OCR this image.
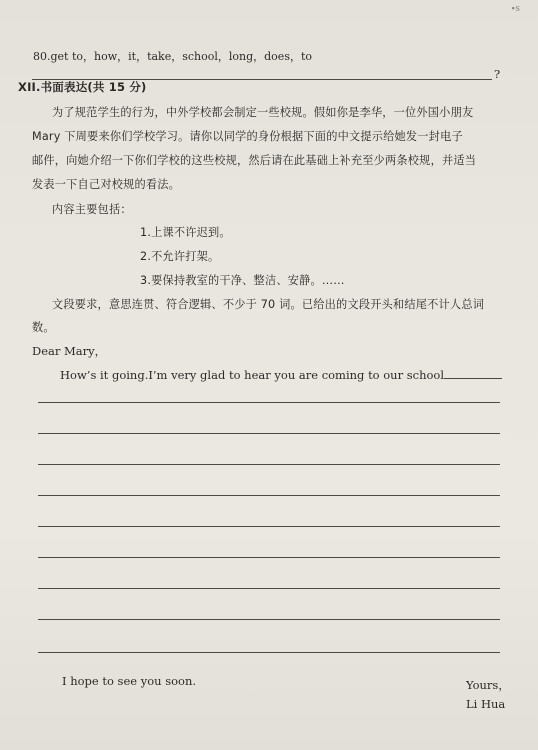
∙s
80.get to，how，it，take，school，long，does，to
?
XII.书面表达(共 15 分)
为了规范学生的行为，中外学校都会制定一些校规。假如你是李华，一位外国小朋友
Mary 下周要来你们学校学习。请你以同学的身份根据下面的中文提示给她发一封电子
邮件，向她介绍一下你们学校的这些校规，然后请在此基础上补充至少两条校规，并适当
发表一下自己对校规的看法。
内容主要包括：
1.上课不许迟到。
2.不允许打架。
3.要保持教室的干净、整洁、安静。……
文段要求，意思连贯、符合逻辑、不少于 70 词。已给出的文段开头和结尾不计人总词
数。
Dear Mary，
How’s it going.I’m very glad to hear you are coming to our school
I hope to see you soon.	Yours，
Li Hua
